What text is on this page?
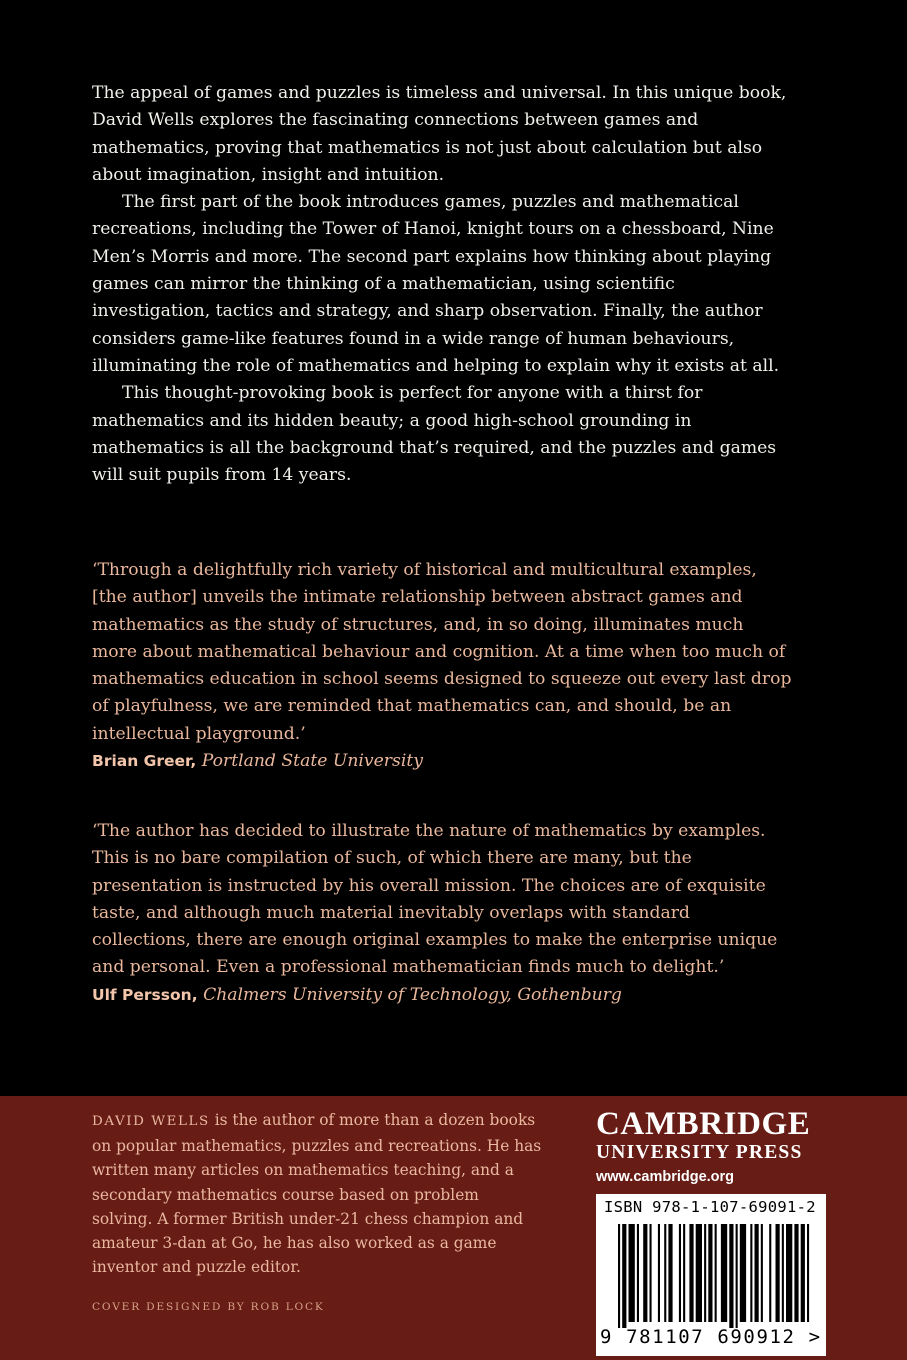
The appeal of games and puzzles is timeless and universal. In this unique book, David Wells explores the fascinating connections between games and mathematics, proving that mathematics is not just about calculation but also about imagination, insight and intuition.

The first part of the book introduces games, puzzles and mathematical recreations, including the Tower of Hanoi, knight tours on a chessboard, Nine Men’s Morris and more. The second part explains how thinking about playing games can mirror the thinking of a mathematician, using scientific investigation, tactics and strategy, and sharp observation. Finally, the author considers game-like features found in a wide range of human behaviours, illuminating the role of mathematics and helping to explain why it exists at all.

This thought-provoking book is perfect for anyone with a thirst for mathematics and its hidden beauty; a good high-school grounding in mathematics is all the background that’s required, and the puzzles and games will suit pupils from 14 years.

‘Through a delightfully rich variety of historical and multicultural examples, [the author] unveils the intimate relationship between abstract games and mathematics as the study of structures, and, in so doing, illuminates much more about mathematical behaviour and cognition. At a time when too much of mathematics education in school seems designed to squeeze out every last drop of playfulness, we are reminded that mathematics can, and should, be an intellectual playground.’

Brian Greer, Portland State University

‘The author has decided to illustrate the nature of mathematics by examples. This is no bare compilation of such, of which there are many, but the presentation is instructed by his overall mission. The choices are of exquisite taste, and although much material inevitably overlaps with standard collections, there are enough original examples to make the enterprise unique and personal. Even a professional mathematician finds much to delight.’

Ulf Persson, Chalmers University of Technology, Gothenburg

DAVID WELLS is the author of more than a dozen books on popular mathematics, puzzles and recreations. He has written many articles on mathematics teaching, and a secondary mathematics course based on problem solving. A former British under-21 chess champion and amateur 3-dan at Go, he has also worked as a game inventor and puzzle editor.
COVER DESIGNED BY ROB LOCK
CAMBRIDGE
UNIVERSITY PRESS
www.cambridge.org
ISBN 978-1-107-69091-2
9 781107 690912 >
